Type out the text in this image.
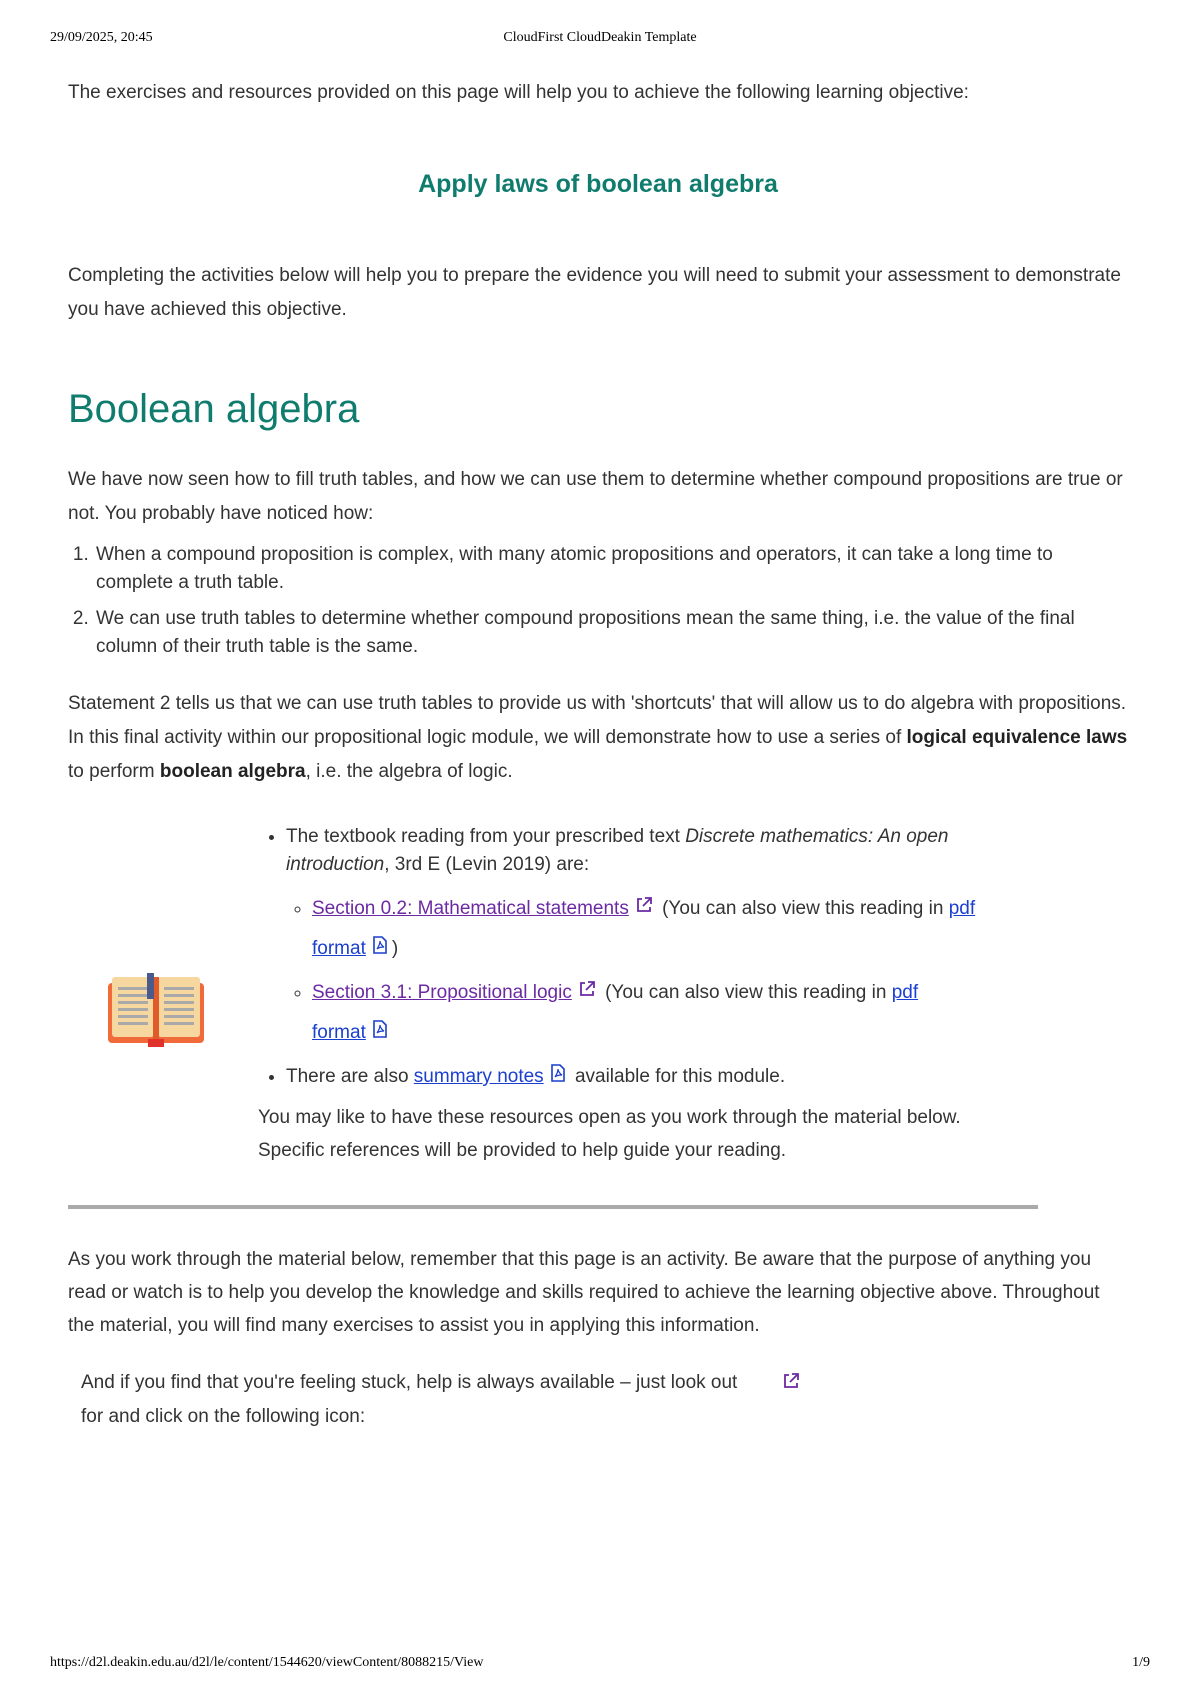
CloudFirst CloudDeakin Template
29/09/2025, 20:45

The exercises and resources provided on this page will help you to achieve the following learning objective:

Apply laws of boolean algebra

Completing the activities below will help you to prepare the evidence you will need to submit your assessment to demonstrate you have achieved this objective.

Boolean algebra

We have now seen how to fill truth tables, and how we can use them to determine whether compound propositions are true or not. You probably have noticed how:

1. When a compound proposition is complex, with many atomic propositions and operators, it can take a long time to complete a truth table.
2. We can use truth tables to determine whether compound propositions mean the same thing, i.e. the value of the final column of their truth table is the same.

Statement 2 tells us that we can use truth tables to provide us with 'shortcuts' that will allow us to do algebra with propositions. In this final activity within our propositional logic module, we will demonstrate how to use a series of logical equivalence laws to perform boolean algebra, i.e. the algebra of logic.

• The textbook reading from your prescribed text Discrete mathematics: An open introduction, 3rd E (Levin 2019) are:
◦ Section 0.2: Mathematical statements (You can also view this reading in pdf format )
◦ Section 3.1: Propositional logic (You can also view this reading in pdf
format
• There are also summary notes available for this module.

You may like to have these resources open as you work through the material below. Specific references will be provided to help guide your reading.

As you work through the material below, remember that this page is an activity. Be aware that the purpose of anything you read or watch is to help you develop the knowledge and skills required to achieve the learning objective above. Throughout the material, you will find many exercises to assist you in applying this information.

And if you find that you're feeling stuck, help is always available – just look out for and click on the following icon:

https://d2l.deakin.edu.au/d2l/le/content/1544620/viewContent/8088215/View	1/9
